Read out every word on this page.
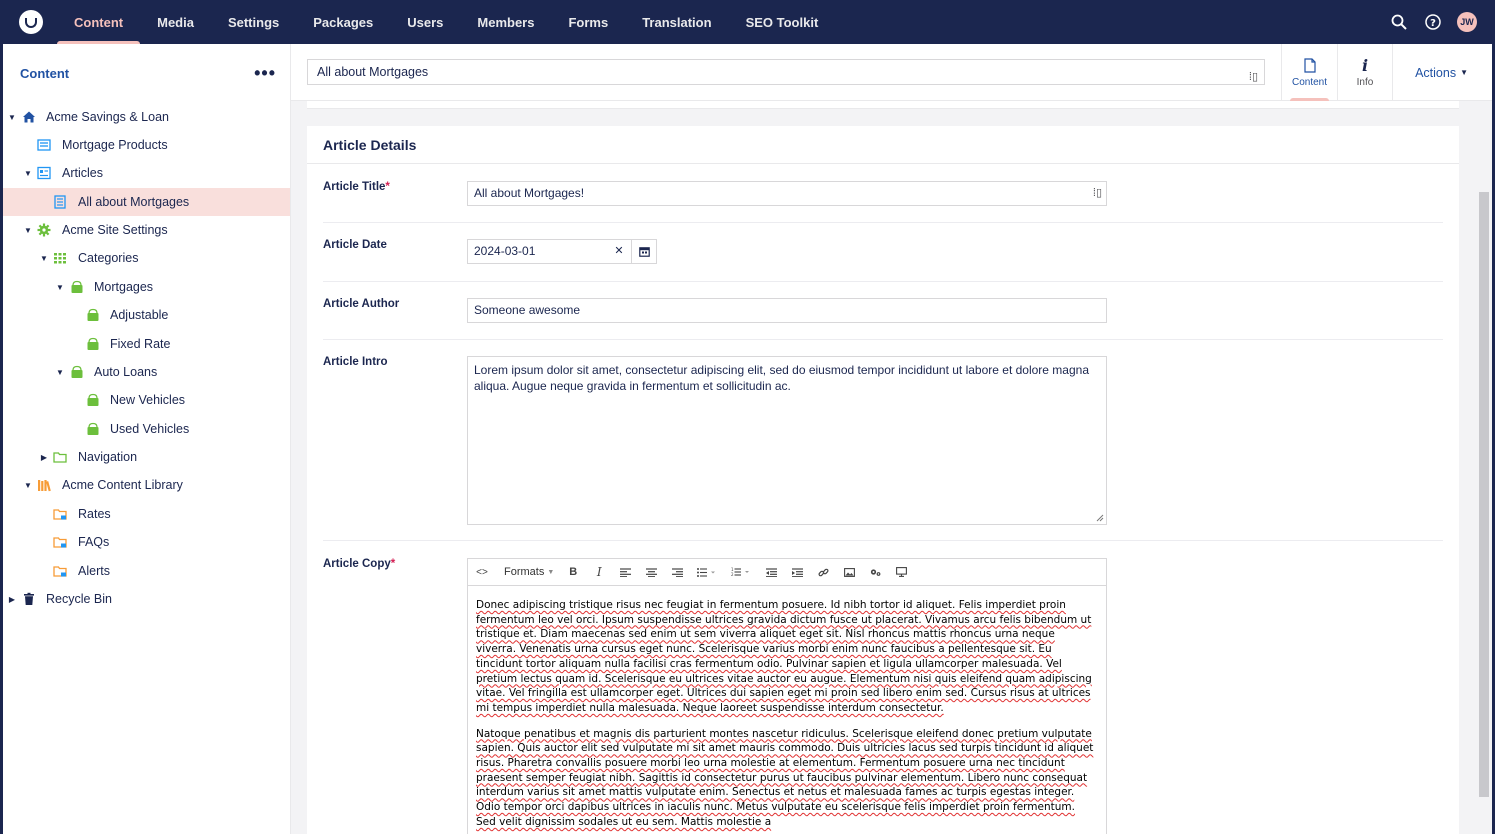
Content	Media	Settings	Packages	Users	Members	Forms	Translation	SEO Toolkit	?	JW
Content	•••
▼ Acme Savings & Loan
Mortgage Products
▼ Articles
All about Mortgages
▼ Acme Site Settings
▼ Categories
▼ Mortgages
Adjustable
Fixed Rate
▼ Auto Loans
New Vehicles
Used Vehicles
▶ Navigation
▼ Acme Content Library
Rates
FAQs
Alerts
▶ Recycle Bin
All about Mortgages	⁞▯	Content
i
Info
Actions ▼
Article Details
Article Title*	All about Mortgages!	⁞▯
Article Date	2024-03-01	✕
Article Author	Someone awesome
Article Intro
Lorem ipsum dolor sit amet, consectetur adipiscing elit, sed do eiusmod tempor incididunt ut labore et dolore magna aliqua. Augue neque gravida in fermentum et sollicitudin ac.
Article Copy*
<> Formats ▼	B	I	1
2

Donec adipiscing tristique risus nec feugiat in fermentum posuere. Id nibh tortor id aliquet. Felis imperdiet proin fermentum leo vel orci. Ipsum suspendisse ultrices gravida dictum fusce ut placerat. Vivamus arcu felis bibendum ut tristique et. Diam maecenas sed enim ut sem viverra aliquet eget sit. Nisl rhoncus mattis rhoncus urna neque viverra. Venenatis urna cursus eget nunc. Scelerisque varius morbi enim nunc faucibus a pellentesque sit. Eu tincidunt tortor aliquam nulla facilisi cras fermentum odio. Pulvinar sapien et ligula ullamcorper malesuada. Vel pretium lectus quam id. Scelerisque eu ultrices vitae auctor eu augue. Elementum nisi quis eleifend quam adipiscing vitae. Vel fringilla est ullamcorper eget. Ultrices dui sapien eget mi proin sed libero enim sed. Cursus risus at ultrices mi tempus imperdiet nulla malesuada. Neque laoreet suspendisse interdum consectetur.

Natoque penatibus et magnis dis parturient montes nascetur ridiculus. Scelerisque eleifend donec pretium vulputate sapien. Quis auctor elit sed vulputate mi sit amet mauris commodo. Duis ultricies lacus sed turpis tincidunt id aliquet risus. Pharetra convallis posuere morbi leo urna molestie at elementum. Fermentum posuere urna nec tincidunt praesent semper feugiat nibh. Sagittis id consectetur purus ut faucibus pulvinar elementum. Libero nunc consequat interdum varius sit amet mattis vulputate enim. Senectus et netus et malesuada fames ac turpis egestas integer. Odio tempor orci dapibus ultrices in iaculis nunc. Metus vulputate eu scelerisque felis imperdiet proin fermentum. Sed velit dignissim sodales ut eu sem. Mattis molestie a
